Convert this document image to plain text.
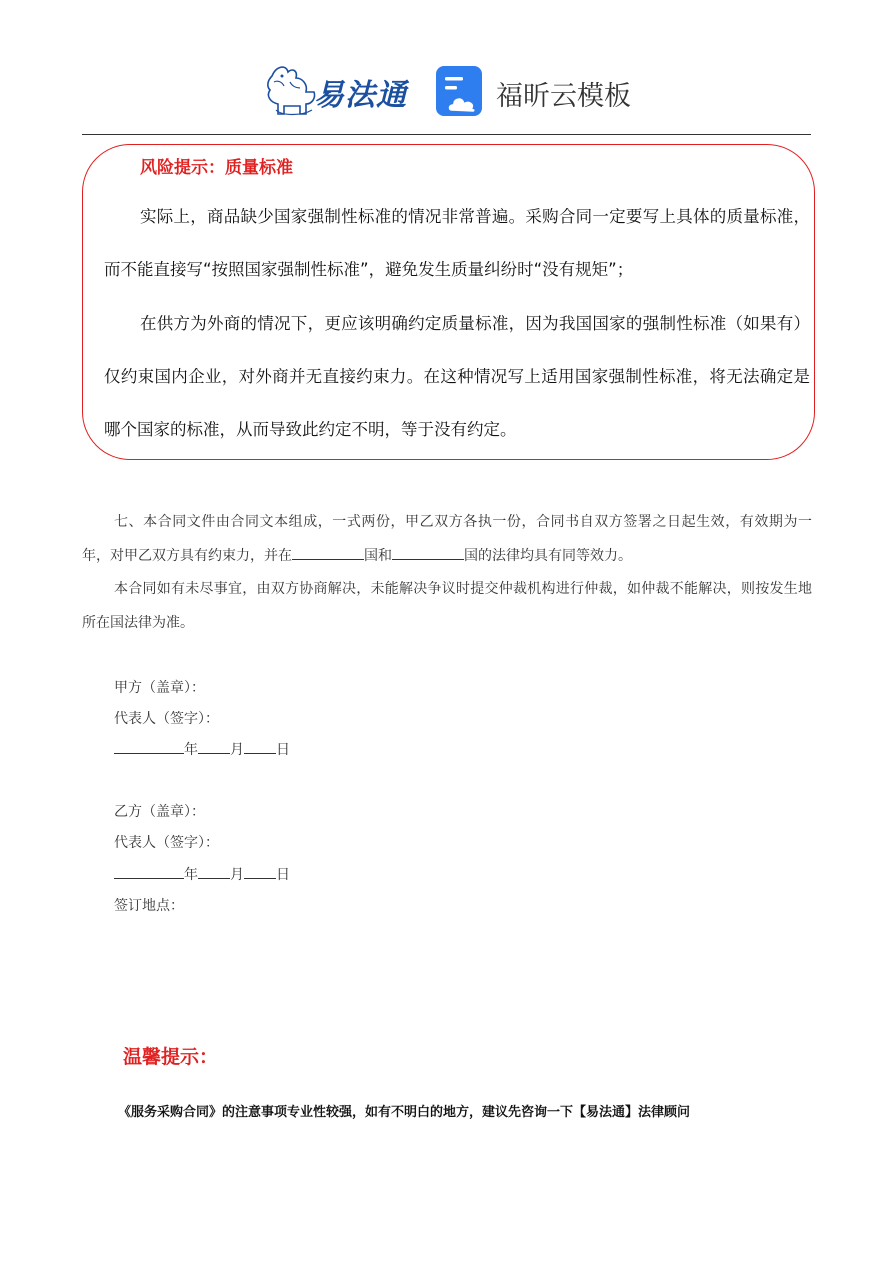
易法通	福昕云模板
风险提示：质量标准
实际上，商品缺少国家强制性标准的情况非常普遍。采购合同一定要写上具体的质量标准，而不能直接写“按照国家强制性标准”，避免发生质量纠纷时“没有规矩”；
在供方为外商的情况下，更应该明确约定质量标准，因为我国国家的强制性标准（如果有）仅约束国内企业，对外商并无直接约束力。在这种情况写上适用国家强制性标准，将无法确定是哪个国家的标准，从而导致此约定不明，等于没有约定。
七、本合同文件由合同文本组成，一式两份，甲乙双方各执一份，合同书自双方签署之日起生效，有效期为一年，对甲乙双方具有约束力，并在	国和	国的法律均具有同等效力。
本合同如有未尽事宜，由双方协商解决，未能解决争议时提交仲裁机构进行仲裁，如仲裁不能解决，则按发生地所在国法律为准。
甲方（盖章）：
代表人（签字）：
年 月 日
乙方（盖章）：
代表人（签字）：
年 月 日
签订地点：
温馨提示：
《服务采购合同》的注意事项专业性较强，如有不明白的地方，建议先咨询一下【易法通】法律顾问
